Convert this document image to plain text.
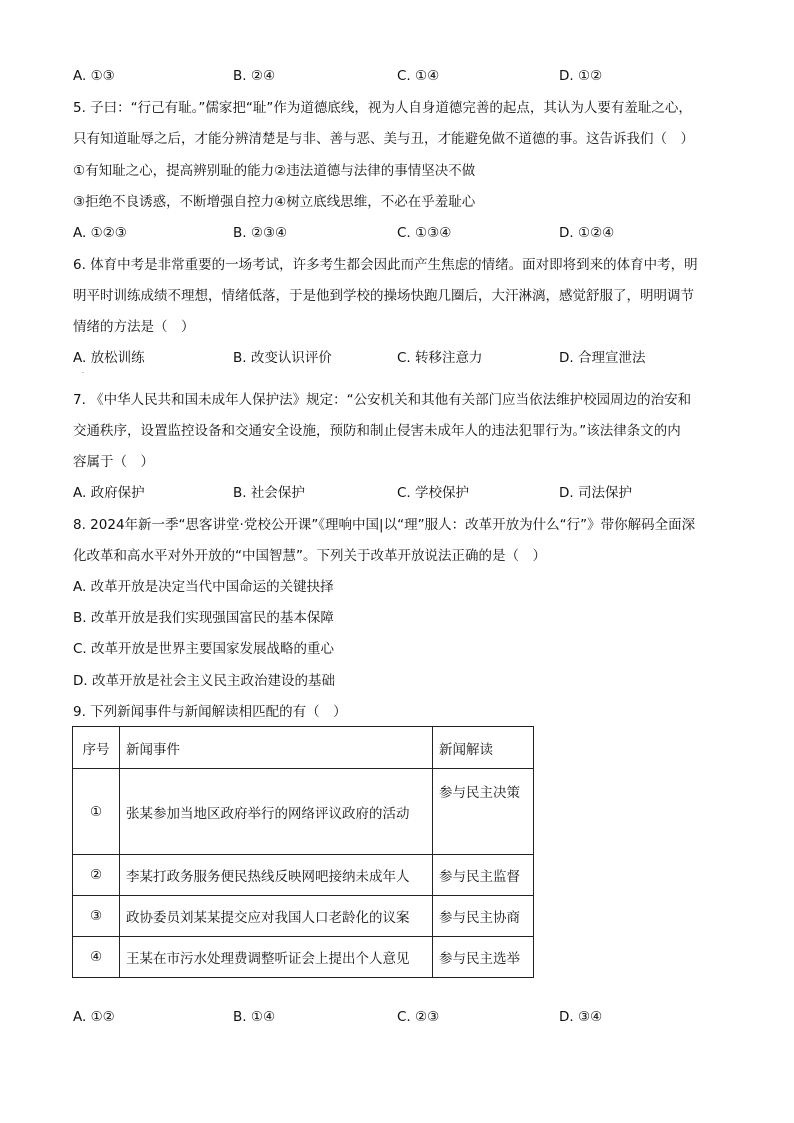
A. ①③	B. ②④	C. ①④	D. ①②
5. 子曰：“行己有耻。”儒家把“耻”作为道德底线，视为人自身道德完善的起点，其认为人要有羞耻之心，
只有知道耻辱之后，才能分辨清楚是与非、善与恶、美与丑，才能避免做不道德的事。这告诉我们（　）
①有知耻之心，提高辨别耻的能力②违法道德与法律的事情坚决不做
③拒绝不良诱惑，不断增强自控力④树立底线思维，不必在乎羞耻心
A. ①②③	B. ②③④	C. ①③④	D. ①②④
6. 体育中考是非常重要的一场考试，许多考生都会因此而产生焦虑的情绪。面对即将到来的体育中考，明
明平时训练成绩不理想，情绪低落，于是他到学校的操场快跑几圈后，大汗淋漓，感觉舒服了，明明调节
情绪的方法是（　）
A. 放松训练	B. 改变认识评价	C. 转移注意力	D. 合理宣泄法
.
7. 《中华人民共和国未成年人保护法》规定：“公安机关和其他有关部门应当依法维护校园周边的治安和
交通秩序，设置监控设备和交通安全设施，预防和制止侵害未成年人的违法犯罪行为。”该法律条文的内
容属于（　）
A. 政府保护	B. 社会保护	C. 学校保护	D. 司法保护
8. 2024年新一季“思客讲堂·党校公开课”《理响中国|以“理”服人：改革开放为什么“行”》带你解码全面深
化改革和高水平对外开放的“中国智慧”。下列关于改革开放说法正确的是（　）
A. 改革开放是决定当代中国命运的关键抉择
B. 改革开放是我们实现强国富民的基本保障
C. 改革开放是世界主要国家发展战略的重心
D. 改革开放是社会主义民主政治建设的基础
9. 下列新闻事件与新闻解读相匹配的有（　）
序号	新闻事件	新闻解读
①	张某参加当地区政府举行的网络评议政府的活动	参与民主决策
②	李某打政务服务便民热线反映网吧接纳未成年人	参与民主监督
③	政协委员刘某某提交应对我国人口老龄化的议案	参与民主协商
④	王某在市污水处理费调整听证会上提出个人意见	参与民主选举
A. ①②	B. ①④	C. ②③	D. ③④
